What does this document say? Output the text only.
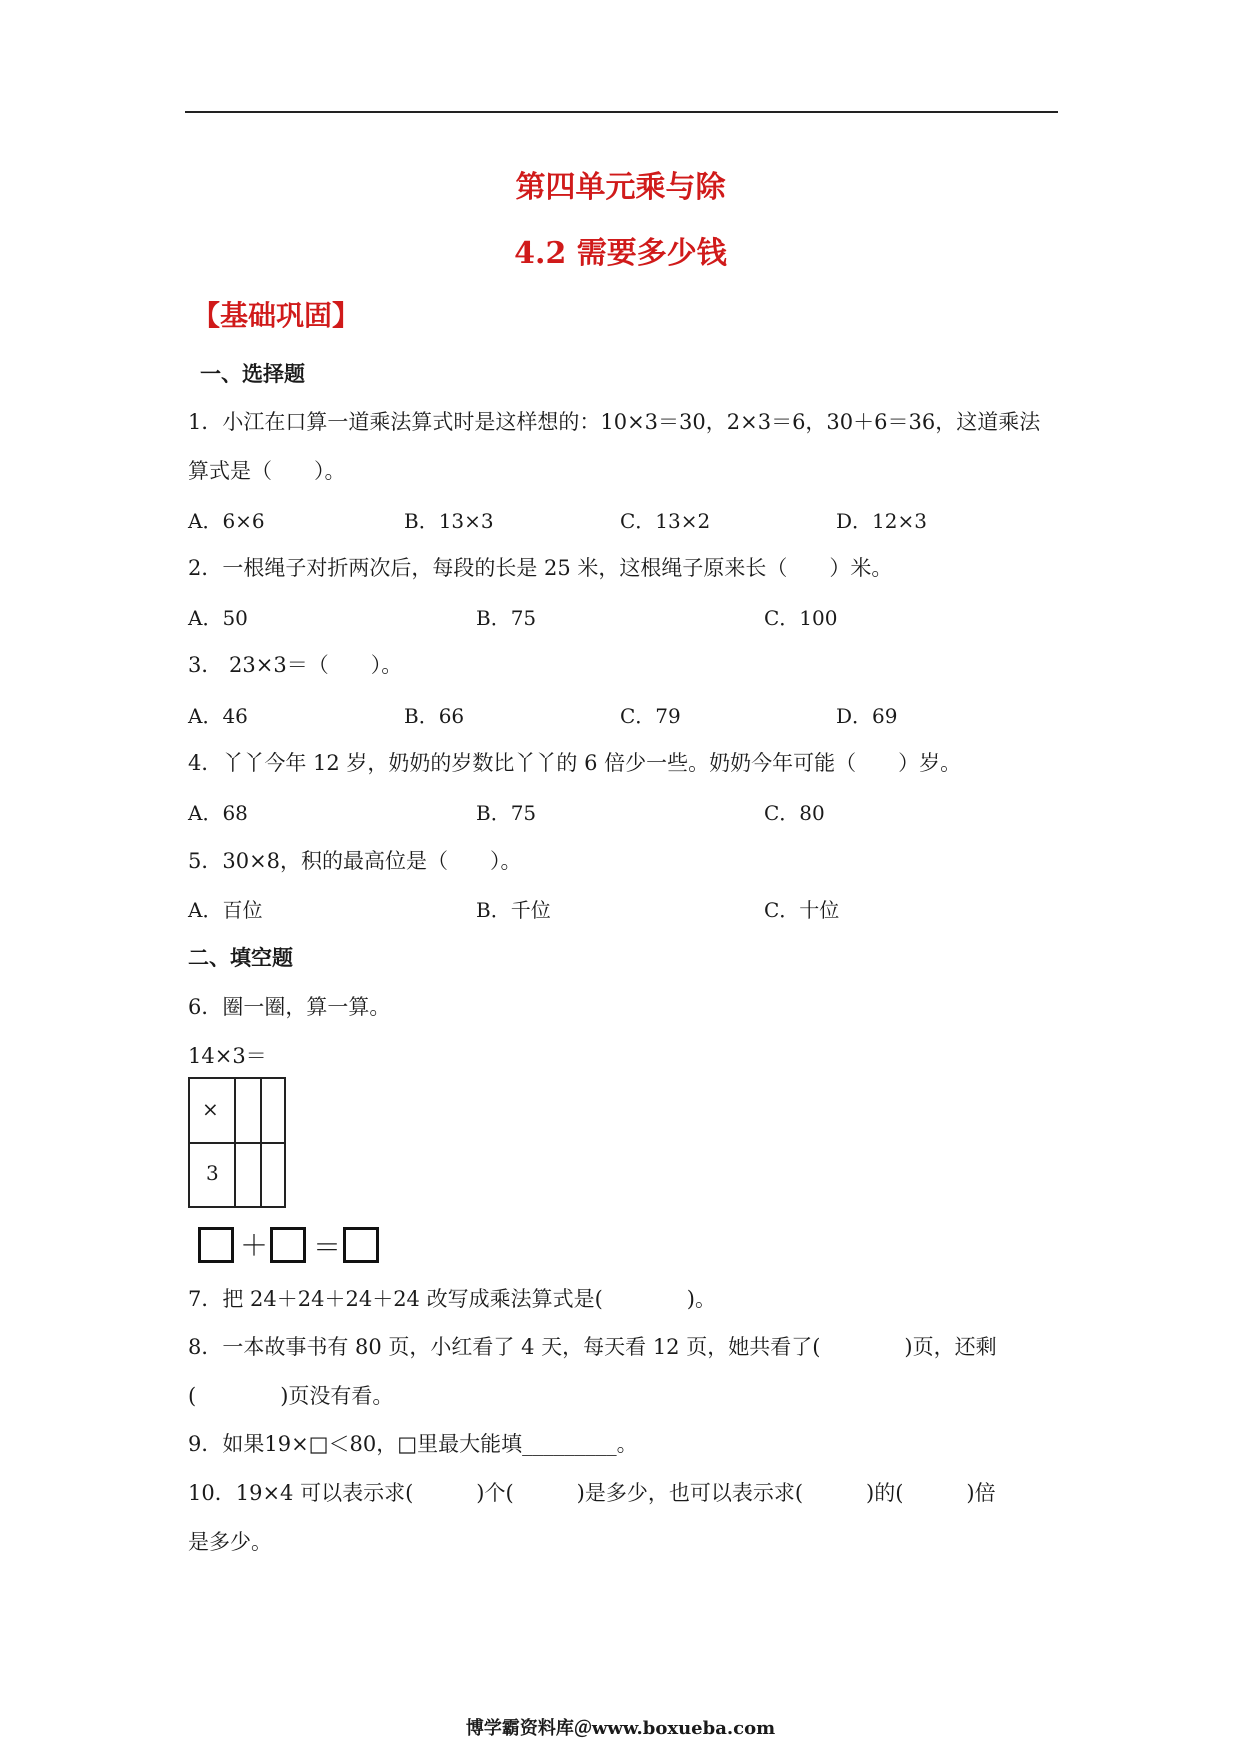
第四单元乘与除
4.2 需要多少钱
【基础巩固】
一、选择题
1．小江在口算一道乘法算式时是这样想的：10×3＝30，2×3＝6，30＋6＝36，这道乘法
算式是（　　）。
A．6×6	B．13×3	C．13×2	D．12×3
2．一根绳子对折两次后，每段的长是 25 米，这根绳子原来长（　　）米。
A．50	B．75	C．100
3． 23×3＝（　　）。
A．46	B．66	C．79	D．69
4．丫丫今年 12 岁，奶奶的岁数比丫丫的 6 倍少一些。奶奶今年可能（　　）岁。
A．68	B．75	C．80
5．30×8，积的最高位是（　　）。
A．百位	B．千位	C．十位
二、填空题
6．圈一圈，算一算。
14×3＝
×
3
＋ ＝
7．把 24＋24＋24＋24 改写成乘法算式是(　　　　)。
8．一本故事书有 80 页，小红看了 4 天，每天看 12 页，她共看了(　　　　)页，还剩
(　　　　)页没有看。
9．如果19×□＜80，□里最大能填_________。
10．19×4 可以表示求(　　　)个(　　　)是多少，也可以表示求(　　　)的(　　　)倍
是多少。
博学霸资料库＠www.boxueba.com
